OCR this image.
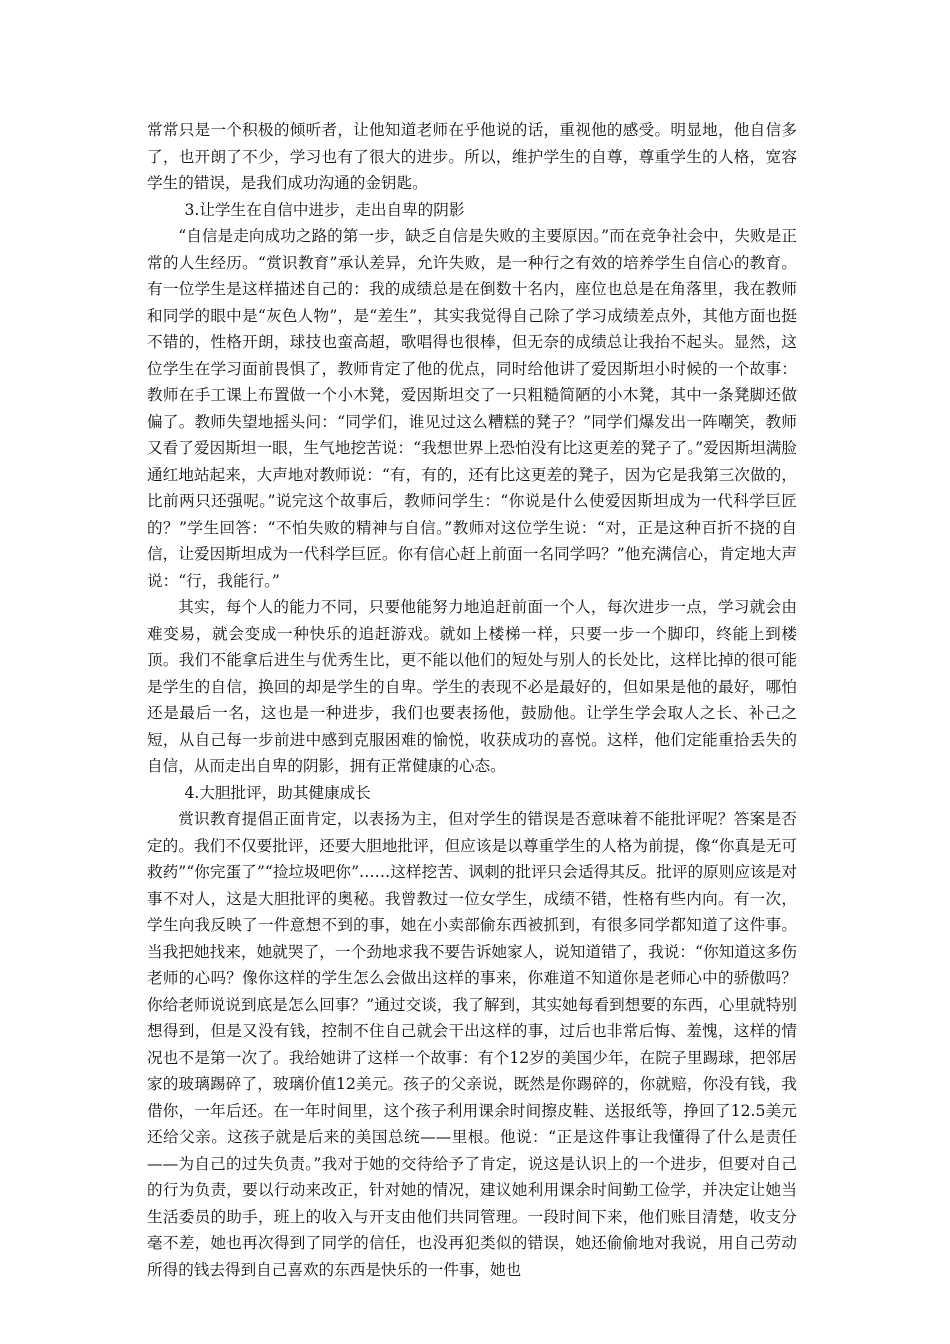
常常只是一个积极的倾听者，让他知道老师在乎他说的话，重视他的感受。明显地，他自信多了，也开朗了不少，学习也有了很大的进步。所以，维护学生的自尊，尊重学生的人格，宽容学生的错误，是我们成功沟通的金钥匙。

3.让学生在自信中进步，走出自卑的阴影

“自信是走向成功之路的第一步，缺乏自信是失败的主要原因。”而在竞争社会中，失败是正常的人生经历。“赏识教育”承认差异，允许失败，是一种行之有效的培养学生自信心的教育。有一位学生是这样描述自己的：我的成绩总是在倒数十名内，座位也总是在角落里，我在教师和同学的眼中是“灰色人物”，是“差生”，其实我觉得自己除了学习成绩差点外，其他方面也挺不错的，性格开朗，球技也蛮高超，歌唱得也很棒，但无奈的成绩总让我抬不起头。显然，这位学生在学习面前畏惧了，教师肯定了他的优点，同时给他讲了爱因斯坦小时候的一个故事：教师在手工课上布置做一个小木凳，爱因斯坦交了一只粗糙简陋的小木凳，其中一条凳脚还做偏了。教师失望地摇头问：“同学们，谁见过这么糟糕的凳子？”同学们爆发出一阵嘲笑，教师又看了爱因斯坦一眼，生气地挖苦说：“我想世界上恐怕没有比这更差的凳子了。”爱因斯坦满脸通红地站起来，大声地对教师说：“有，有的，还有比这更差的凳子，因为它是我第三次做的，比前两只还强呢。”说完这个故事后，教师问学生：“你说是什么使爱因斯坦成为一代科学巨匠的？”学生回答：“不怕失败的精神与自信。”教师对这位学生说：“对，正是这种百折不挠的自信，让爱因斯坦成为一代科学巨匠。你有信心赶上前面一名同学吗？”他充满信心，肯定地大声说：“行，我能行。”

其实，每个人的能力不同，只要他能努力地追赶前面一个人，每次进步一点，学习就会由难变易，就会变成一种快乐的追赶游戏。就如上楼梯一样，只要一步一个脚印，终能上到楼顶。我们不能拿后进生与优秀生比，更不能以他们的短处与别人的长处比，这样比掉的很可能是学生的自信，换回的却是学生的自卑。学生的表现不必是最好的，但如果是他的最好，哪怕还是最后一名，这也是一种进步，我们也要表扬他，鼓励他。让学生学会取人之长、补己之短，从自己每一步前进中感到克服困难的愉悦，收获成功的喜悦。这样，他们定能重拾丢失的自信，从而走出自卑的阴影，拥有正常健康的心态。

4.大胆批评，助其健康成长

赏识教育提倡正面肯定，以表扬为主，但对学生的错误是否意味着不能批评呢？答案是否定的。我们不仅要批评，还要大胆地批评，但应该是以尊重学生的人格为前提，像“你真是无可救药”“你完蛋了”“捡垃圾吧你”……这样挖苦、讽刺的批评只会适得其反。批评的原则应该是对事不对人，这是大胆批评的奥秘。我曾教过一位女学生，成绩不错，性格有些内向。有一次，学生向我反映了一件意想不到的事，她在小卖部偷东西被抓到，有很多同学都知道了这件事。当我把她找来，她就哭了，一个劲地求我不要告诉她家人，说知道错了，我说：“你知道这多伤老师的心吗？像你这样的学生怎么会做出这样的事来，你难道不知道你是老师心中的骄傲吗？你给老师说说到底是怎么回事？”通过交谈，我了解到，其实她每看到想要的东西，心里就特别想得到，但是又没有钱，控制不住自己就会干出这样的事，过后也非常后悔、羞愧，这样的情况也不是第一次了。我给她讲了这样一个故事：有个12岁的美国少年，在院子里踢球，把邻居家的玻璃踢碎了，玻璃价值12美元。孩子的父亲说，既然是你踢碎的，你就赔，你没有钱，我借你，一年后还。在一年时间里，这个孩子利用课余时间擦皮鞋、送报纸等，挣回了12.5美元还给父亲。这孩子就是后来的美国总统——里根。他说：“正是这件事让我懂得了什么是责任——为自己的过失负责。”我对于她的交待给予了肯定，说这是认识上的一个进步，但要对自己的行为负责，要以行动来改正，针对她的情况，建议她利用课余时间勤工俭学，并决定让她当生活委员的助手，班上的收入与开支由他们共同管理。一段时间下来，他们账目清楚，收支分毫不差，她也再次得到了同学的信任，也没再犯类似的错误，她还偷偷地对我说，用自己劳动所得的钱去得到自己喜欢的东西是快乐的一件事，她也
